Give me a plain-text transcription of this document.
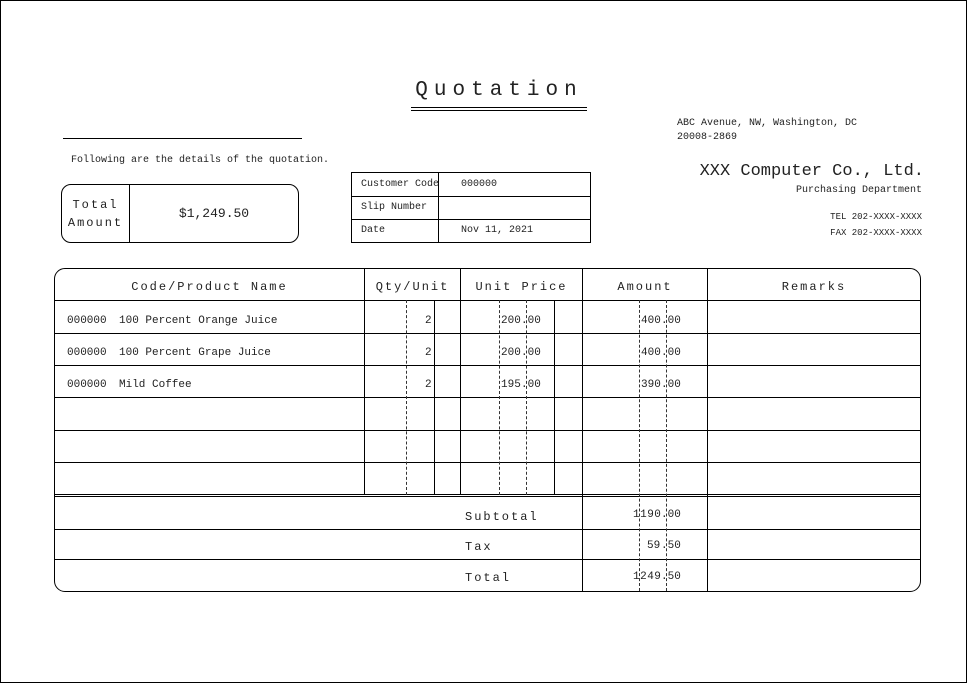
Quotation
Following are the details of the quotation.
Total
Amount
$1,249.50
Customer Code 000000
Slip Number
Date	Nov 11, 2021
ABC Avenue, NW, Washington, DC
20008-2869
XXX Computer Co., Ltd.
Purchasing Department
TEL 202-XXXX-XXXX
FAX 202-XXXX-XXXX
Code/Product Name	Qty/Unit	Unit Price	Amount	Remarks
000000 100 Percent Orange Juice	2	200 .00	400 .00
000000 100 Percent Grape Juice	2	200 .00	400 .00
000000 Mild Coffee	2	195 .00	390 .00
Subtotal	1190 .00
Tax	59 .50
Total	1249 .50
